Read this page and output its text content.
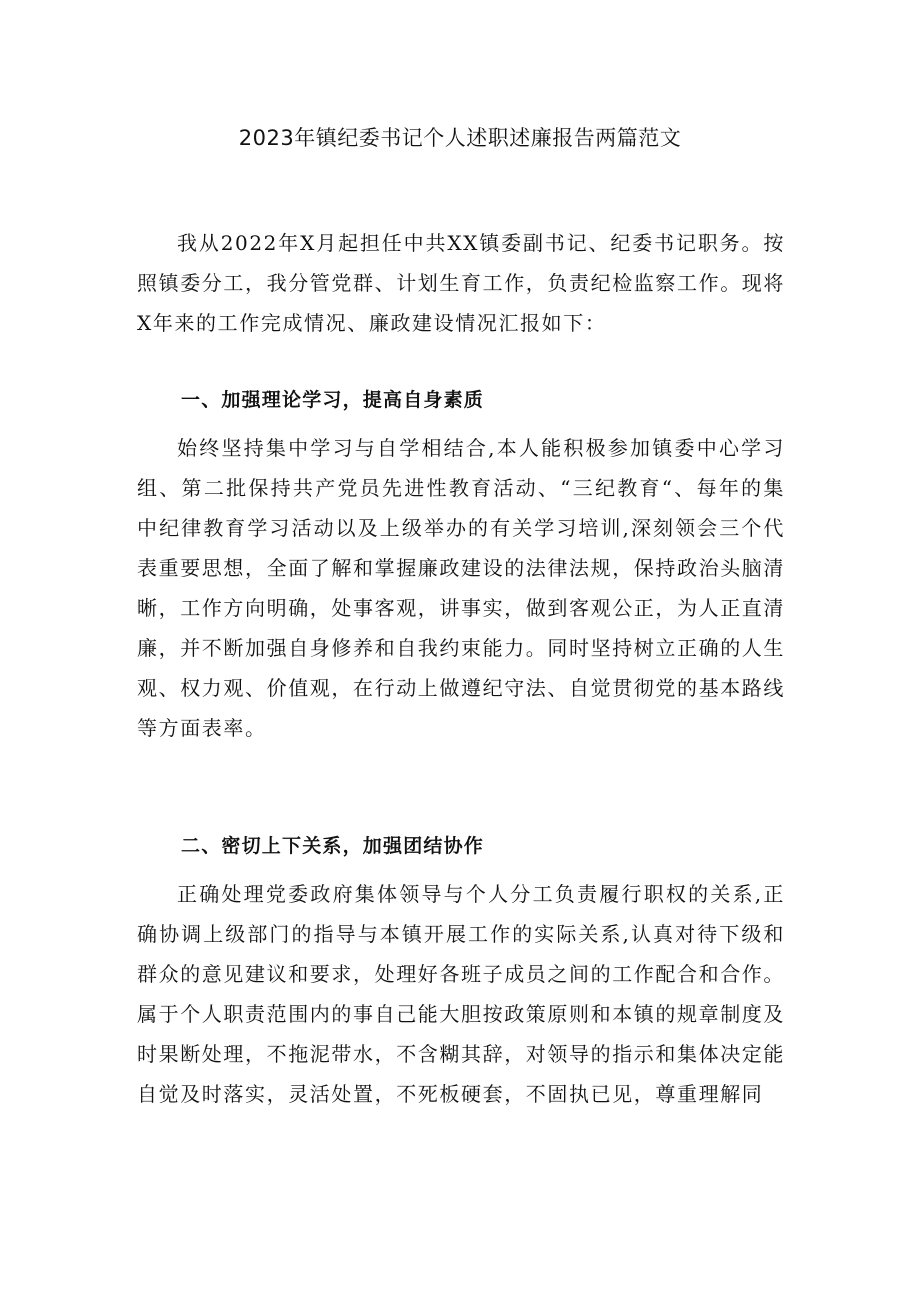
2023年镇纪委书记个人述职述廉报告两篇范文

我从2022年X月起担任中共XX镇委副书记、纪委书记职务。按照镇委分工，我分管党群、计划生育工作，负责纪检监察工作。现将X年来的工作完成情况、廉政建设情况汇报如下：

一、加强理论学习，提高自身素质

始终坚持集中学习与自学相结合,本人能积极参加镇委中心学习组、第二批保持共产党员先进性教育活动、“三纪教育“、每年的集中纪律教育学习活动以及上级举办的有关学习培训,深刻领会三个代表重要思想，全面了解和掌握廉政建设的法律法规，保持政治头脑清晰，工作方向明确，处事客观，讲事实，做到客观公正，为人正直清廉，并不断加强自身修养和自我约束能力。同时坚持树立正确的人生观、权力观、价值观，在行动上做遵纪守法、自觉贯彻党的基本路线等方面表率。

二、密切上下关系，加强团结协作

正确处理党委政府集体领导与个人分工负责履行职权的关系,正确协调上级部门的指导与本镇开展工作的实际关系,认真对待下级和群众的意见建议和要求，处理好各班子成员之间的工作配合和合作。属于个人职责范围内的事自己能大胆按政策原则和本镇的规章制度及时果断处理，不拖泥带水，不含糊其辞，对领导的指示和集体决定能自觉及时落实，灵活处置，不死板硬套，不固执已见，尊重理解同
